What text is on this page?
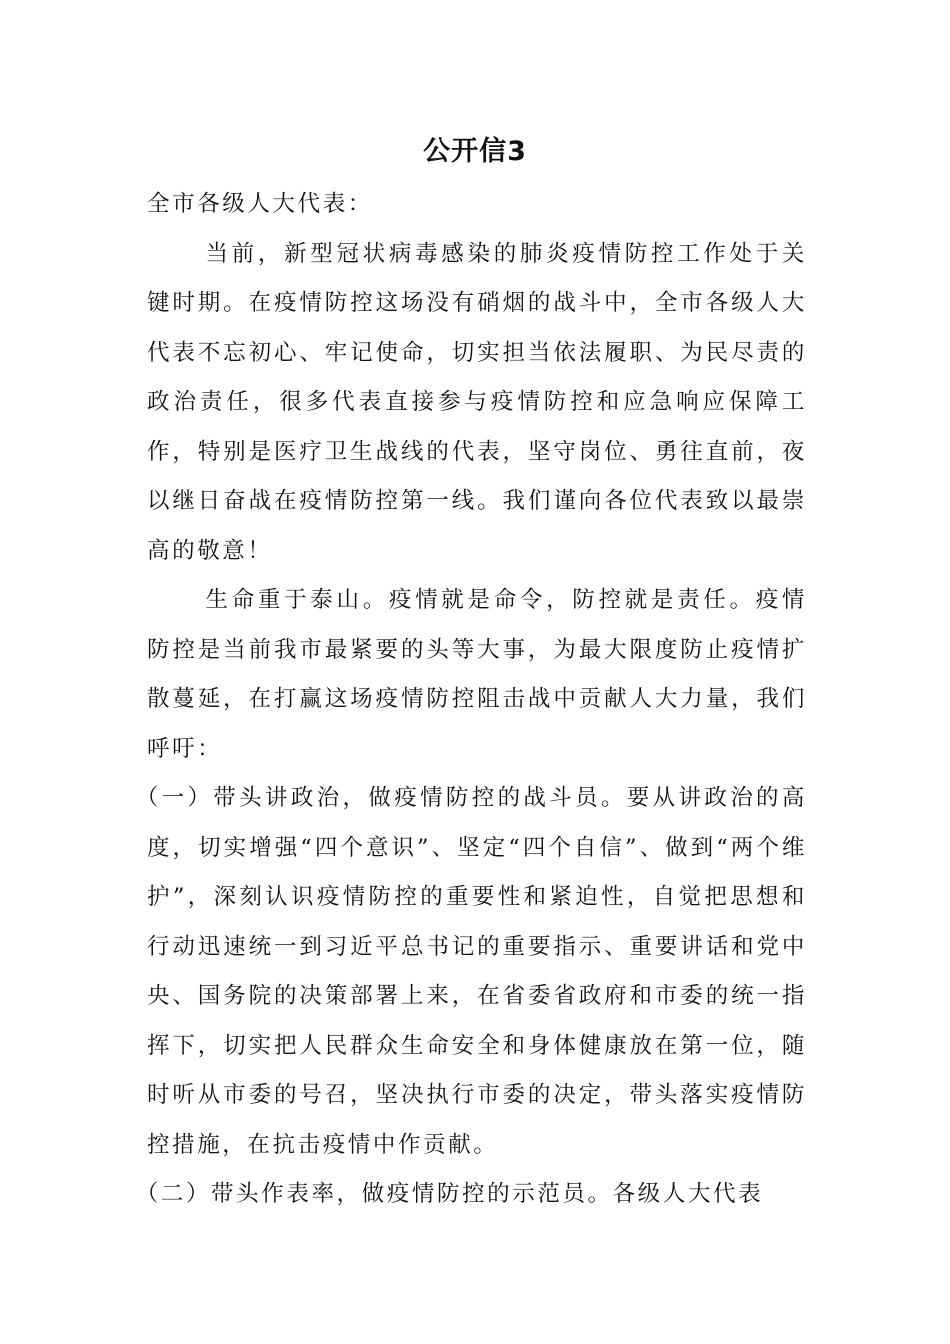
公开信3

全市各级人大代表：

当前，新型冠状病毒感染的肺炎疫情防控工作处于关键时期。在疫情防控这场没有硝烟的战斗中，全市各级人大代表不忘初心、牢记使命，切实担当依法履职、为民尽责的政治责任，很多代表直接参与疫情防控和应急响应保障工作，特别是医疗卫生战线的代表，坚守岗位、勇往直前，夜以继日奋战在疫情防控第一线。我们谨向各位代表致以最崇高的敬意！

生命重于泰山。疫情就是命令，防控就是责任。疫情防控是当前我市最紧要的头等大事，为最大限度防止疫情扩散蔓延，在打赢这场疫情防控阻击战中贡献人大力量，我们呼吁：

（一）带头讲政治，做疫情防控的战斗员。要从讲政治的高度，切实增强“四个意识”、坚定“四个自信”、做到“两个维护”，深刻认识疫情防控的重要性和紧迫性，自觉把思想和行动迅速统一到习近平总书记的重要指示、重要讲话和党中央、国务院的决策部署上来，在省委省政府和市委的统一指挥下，切实把人民群众生命安全和身体健康放在第一位，随时听从市委的号召，坚决执行市委的决定，带头落实疫情防控措施，在抗击疫情中作贡献。

（二）带头作表率，做疫情防控的示范员。各级人大代表
